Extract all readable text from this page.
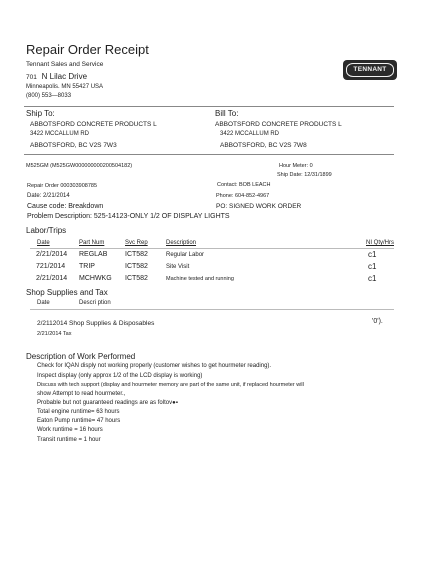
Repair Order Receipt
Tennant Sales and Service
701 N Lilac Drive
Minneapolis. MN 55427 USA
(800) 553—8033
TENNANT
Ship To:
ABBOTSFORD CONCRETE PRODUCTS L
3422 MCCALLUM RD
ABBOTSFORD, BC V2S 7W3
Bill To:
ABBOTSFORD CONCRETE PRODUCTS L
3422 MCCALLUM RD
ABBOTSFORD, BC V2S 7W8
M525GM (M525GW000000000200504182)	Hour Meter: 0
Ship Date: 12/31/1899
Repair Order 000303908785	Contact: BOB LEACH
Date: 2/21/2014	Phone: 604-852-4967
Cause code: Breakdown	PO: SIGNED WORK ORDER
Problem Description: 525-14123-ONLY 1/2 OF DISPLAY LIGHTS
Labor/Trips
Date	Part Num	Svc Rep	Description	NI Qty/Hrs
2/21/2014 REGLAB	ICT582	Regular Labor	c1
721/2014 TRIP	ICT582	Site Visit	c1
2/21/2014 MCHWKG ICT582	Machine tested and running	c1
Shop Supplies and Tax
Date	Descri ption
2/2112014 Shop Supplies & Disposables	'0').
2/21/2014 Tax
Description of Work Performed
Check for IQAN disply not working properly (customer wishes to get hourmeter reading).
Inspect display (only approx 1/2 of the LCD display is working)
Discuss with tech support (display and hourmeter memory are part of the same unit, if replaced hourmeter will
show Attempt to read hourmeter.,
Probable but not guaranteed readings are as foltov●▪
Total engine runtime= 63 hours
Eaton Pump runtime= 47 hours
Work runtime = 16 hours
Transit runtime = 1 hour
